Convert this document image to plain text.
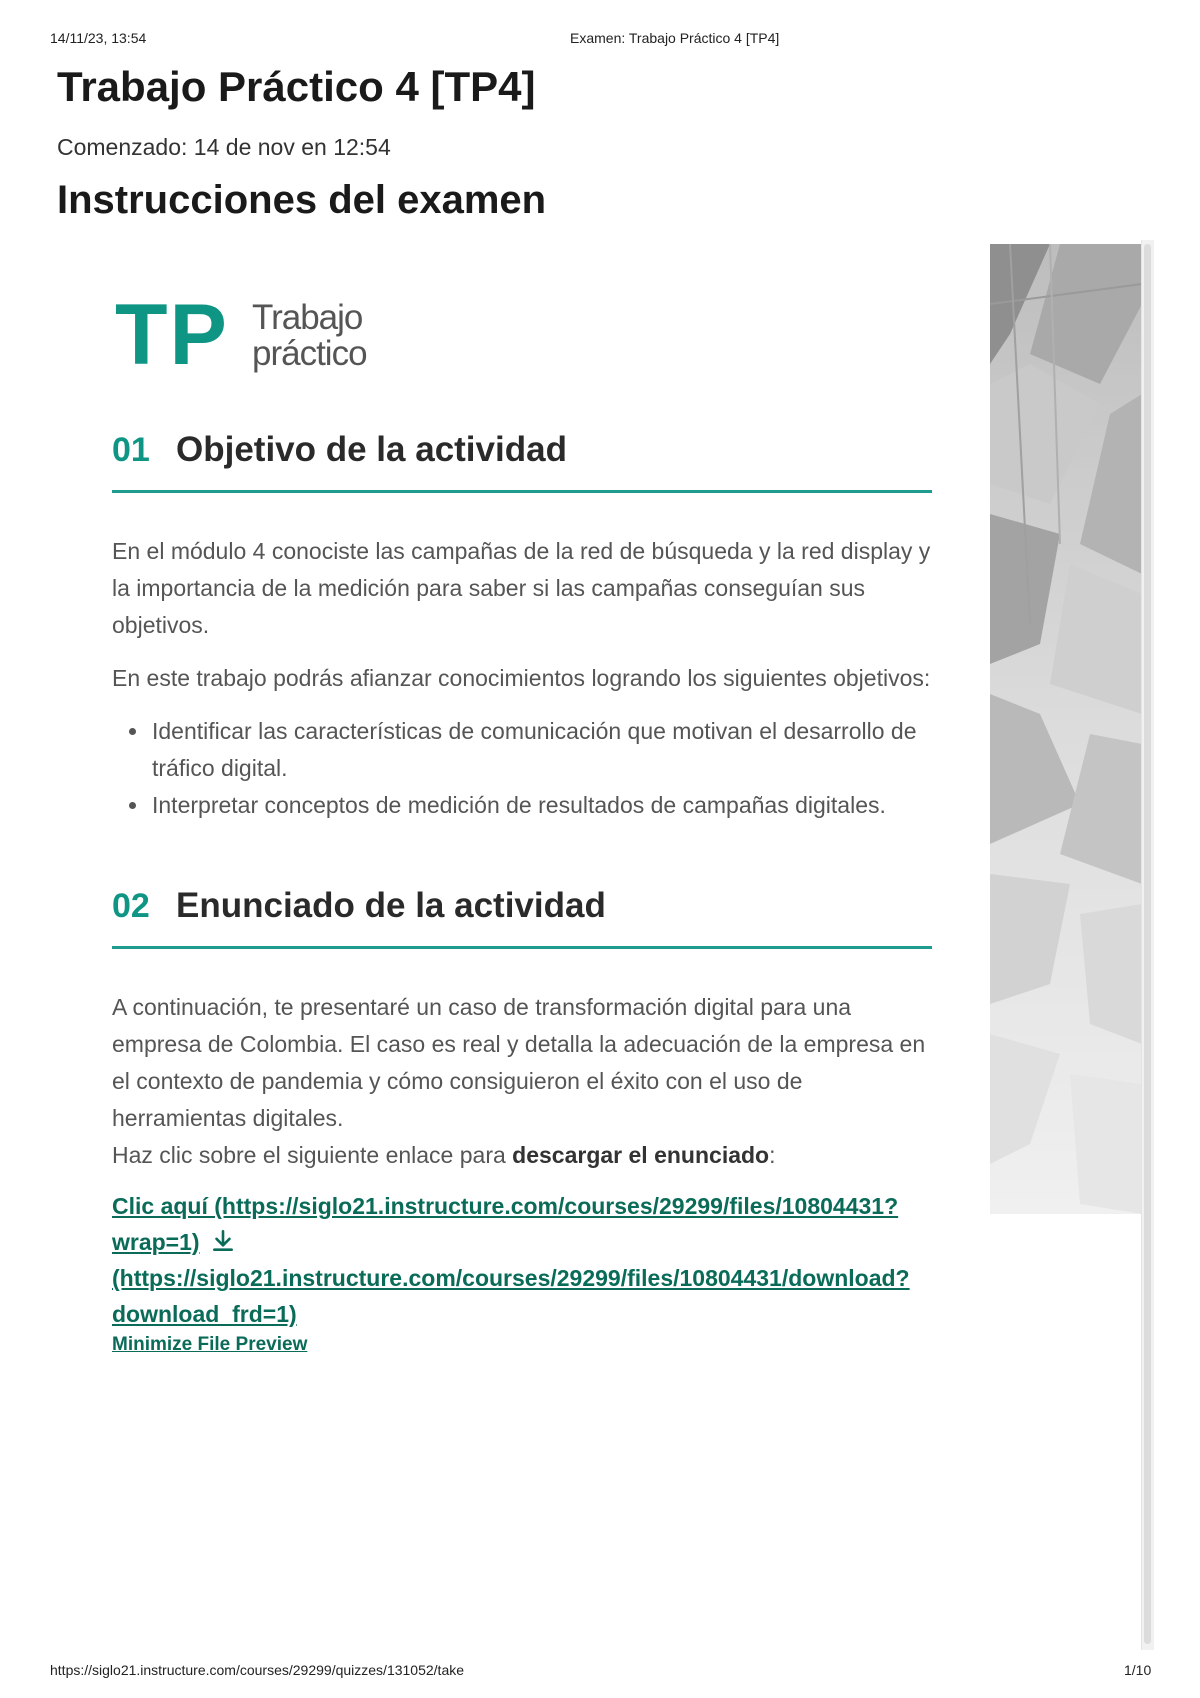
14/11/23, 13:54	Examen: Trabajo Práctico 4 [TP4]
Trabajo Práctico 4 [TP4]
Comenzado: 14 de nov en 12:54
Instrucciones del examen
TP Trabajo
práctico
01 Objetivo de la actividad

En el módulo 4 conociste las campañas de la red de búsqueda y la red display y la importancia de la medición para saber si las campañas conseguían sus objetivos.

En este trabajo podrás afianzar conocimientos logrando los siguientes objetivos:

• Identificar las características de comunicación que motivan el desarrollo de tráfico digital.
• Interpretar conceptos de medición de resultados de campañas digitales.
02 Enunciado de la actividad

A continuación, te presentaré un caso de transformación digital para una empresa de Colombia. El caso es real y detalla la adecuación de la empresa en el contexto de pandemia y cómo consiguieron el éxito con el uso de herramientas digitales.

Haz clic sobre el siguiente enlace para descargar el enunciado:

Clic aquí (https://siglo21.instructure.com/courses/29299/files/10804431?
wrap=1)
(https://siglo21.instructure.com/courses/29299/files/10804431/download?
download_frd=1)
Minimize File Preview
https://siglo21.instructure.com/courses/29299/quizzes/131052/take	1/10
